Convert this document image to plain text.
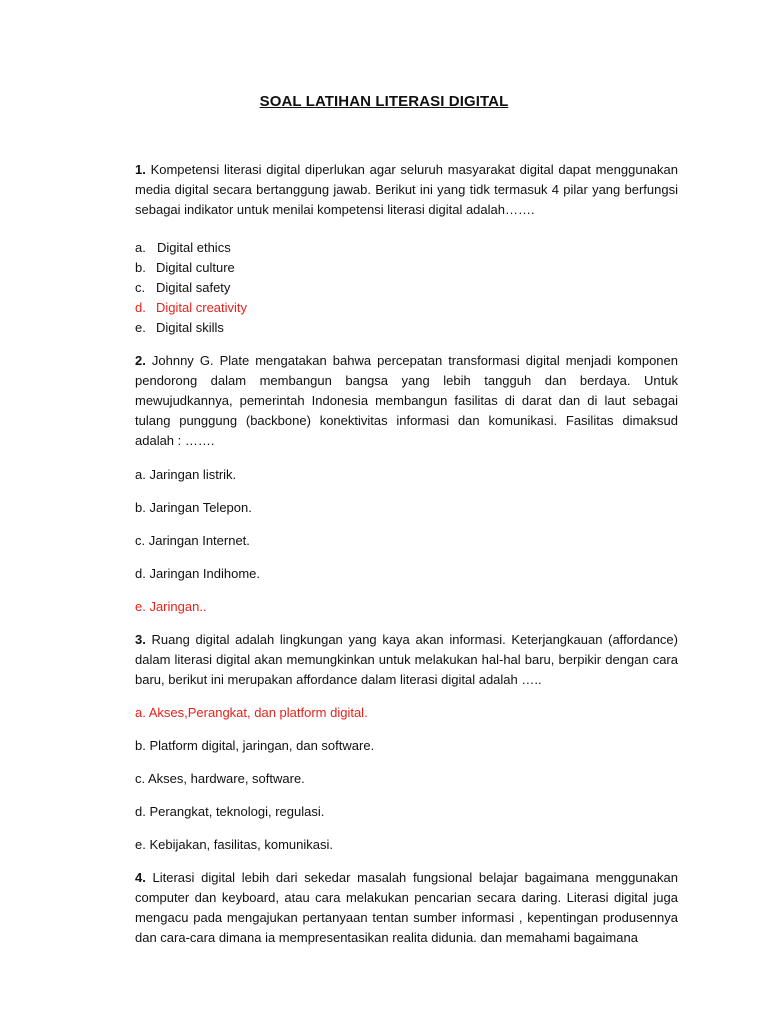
SOAL LATIHAN LITERASI DIGITAL

1. Kompetensi literasi digital diperlukan agar seluruh masyarakat digital dapat menggunakan media digital secara bertanggung jawab. Berikut ini yang tidk termasuk 4 pilar yang berfungsi sebagai indikator untuk menilai kompetensi literasi digital adalah…….

a. Digital ethics
b. Digital culture
c. Digital safety
d. Digital creativity
e. Digital skills

2. Johnny G. Plate mengatakan bahwa percepatan transformasi digital menjadi komponen pendorong dalam membangun bangsa yang lebih tangguh dan berdaya. Untuk mewujudkannya, pemerintah Indonesia membangun fasilitas di darat dan di laut sebagai tulang punggung (backbone) konektivitas informasi dan komunikasi. Fasilitas dimaksud adalah : …….

a. Jaringan listrik.

b. Jaringan Telepon.

c. Jaringan Internet.

d. Jaringan Indihome.

e. Jaringan..

3. Ruang digital adalah lingkungan yang kaya akan informasi. Keterjangkauan (affordance) dalam literasi digital akan memungkinkan untuk melakukan hal-hal baru, berpikir dengan cara baru, berikut ini merupakan affordance dalam literasi digital adalah …..

a. Akses,Perangkat, dan platform digital.

b. Platform digital, jaringan, dan software.

c. Akses, hardware, software.

d. Perangkat, teknologi, regulasi.

e. Kebijakan, fasilitas, komunikasi.

4. Literasi digital lebih dari sekedar masalah fungsional belajar bagaimana menggunakan computer dan keyboard, atau cara melakukan pencarian secara daring. Literasi digital juga mengacu pada mengajukan pertanyaan tentan sumber informasi , kepentingan produsennya dan cara-cara dimana ia mempresentasikan realita didunia. dan memahami bagaimana
